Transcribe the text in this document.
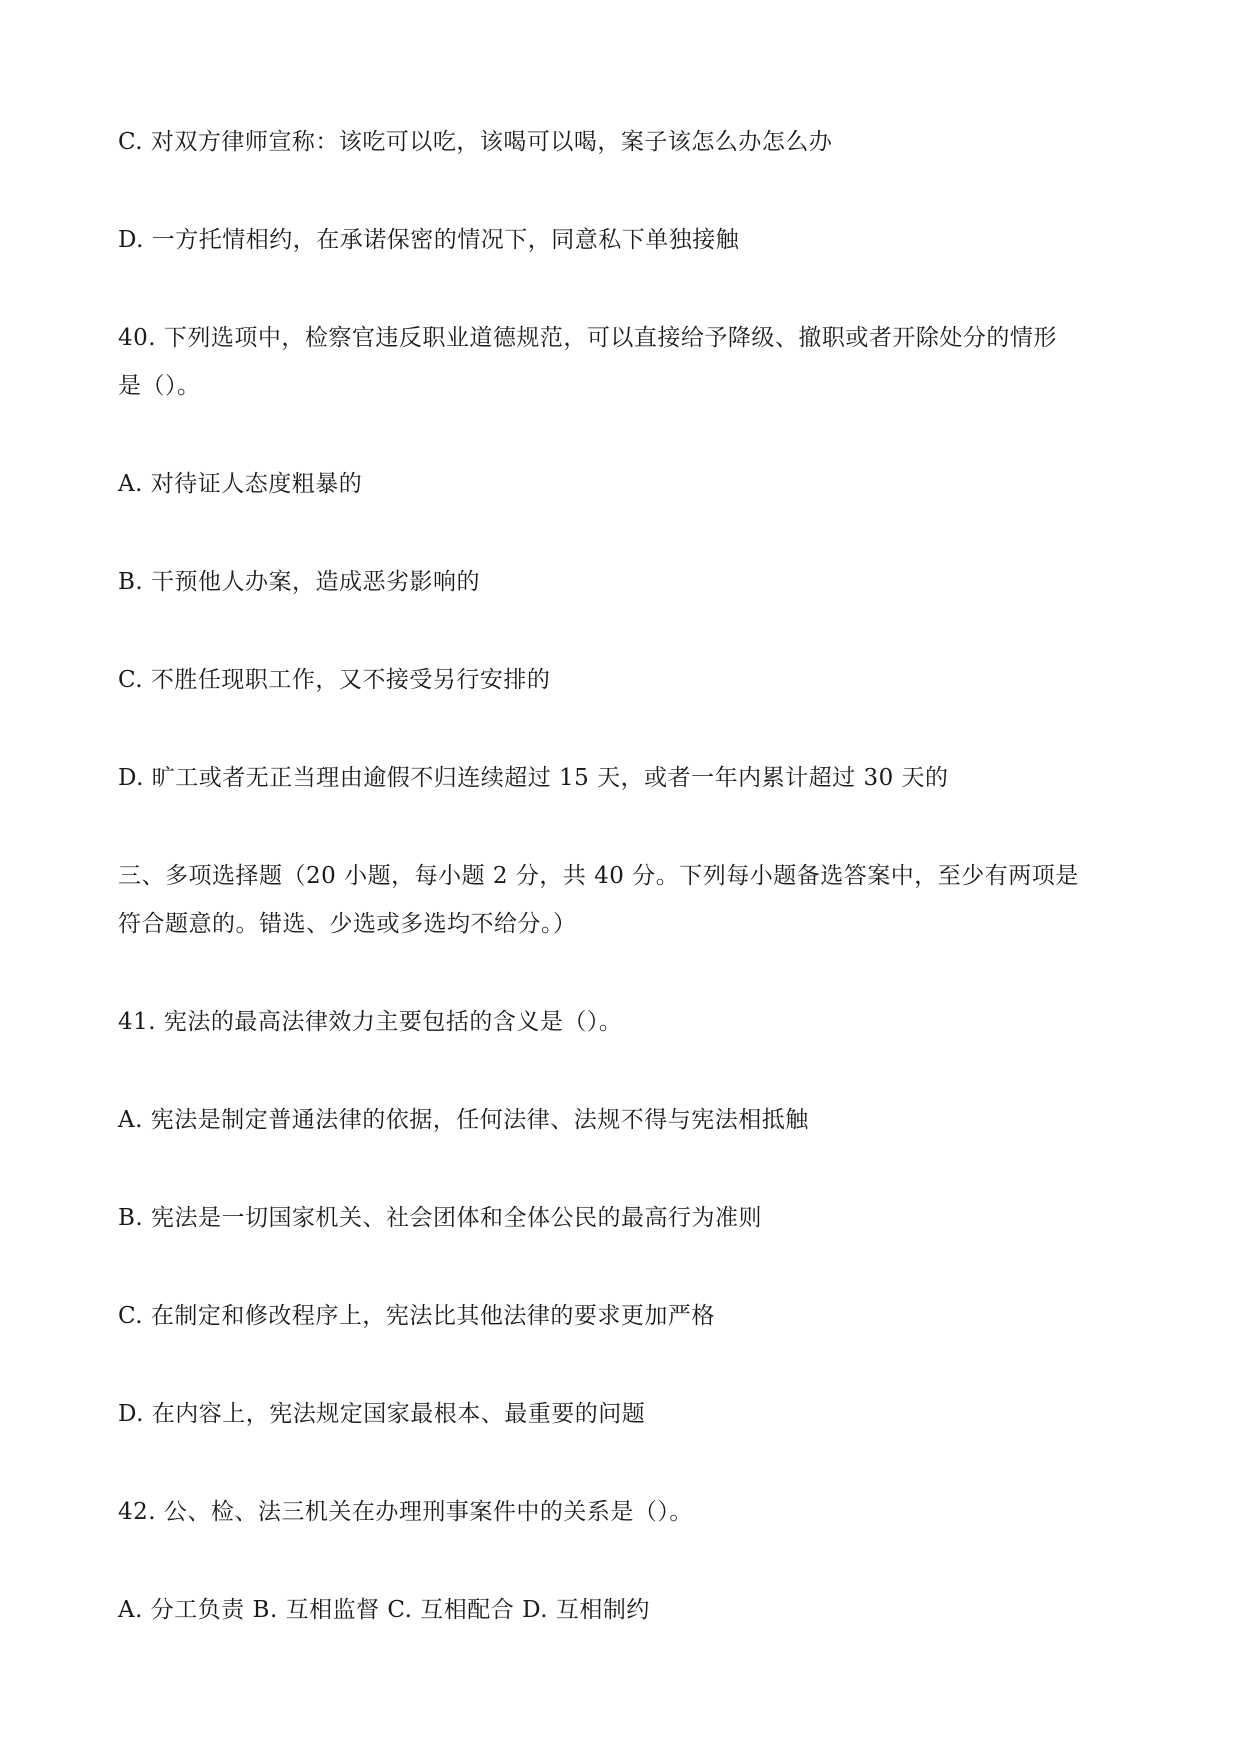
C. 对双方律师宣称：该吃可以吃，该喝可以喝，案子该怎么办怎么办
D. 一方托情相约，在承诺保密的情况下，同意私下单独接触
40. 下列选项中，检察官违反职业道德规范，可以直接给予降级、撤职或者开除处分的情形
是（）。
A. 对待证人态度粗暴的
B. 干预他人办案，造成恶劣影响的
C. 不胜任现职工作，又不接受另行安排的
D. 旷工或者无正当理由逾假不归连续超过 15 天，或者一年内累计超过 30 天的
三、多项选择题（20 小题，每小题 2 分，共 40 分。下列每小题备选答案中，至少有两项是
符合题意的。错选、少选或多选均不给分。）
41. 宪法的最高法律效力主要包括的含义是（）。
A. 宪法是制定普通法律的依据，任何法律、法规不得与宪法相抵触
B. 宪法是一切国家机关、社会团体和全体公民的最高行为准则
C. 在制定和修改程序上，宪法比其他法律的要求更加严格
D. 在内容上，宪法规定国家最根本、最重要的问题
42. 公、检、法三机关在办理刑事案件中的关系是（）。
A. 分工负责 B. 互相监督 C. 互相配合 D. 互相制约
